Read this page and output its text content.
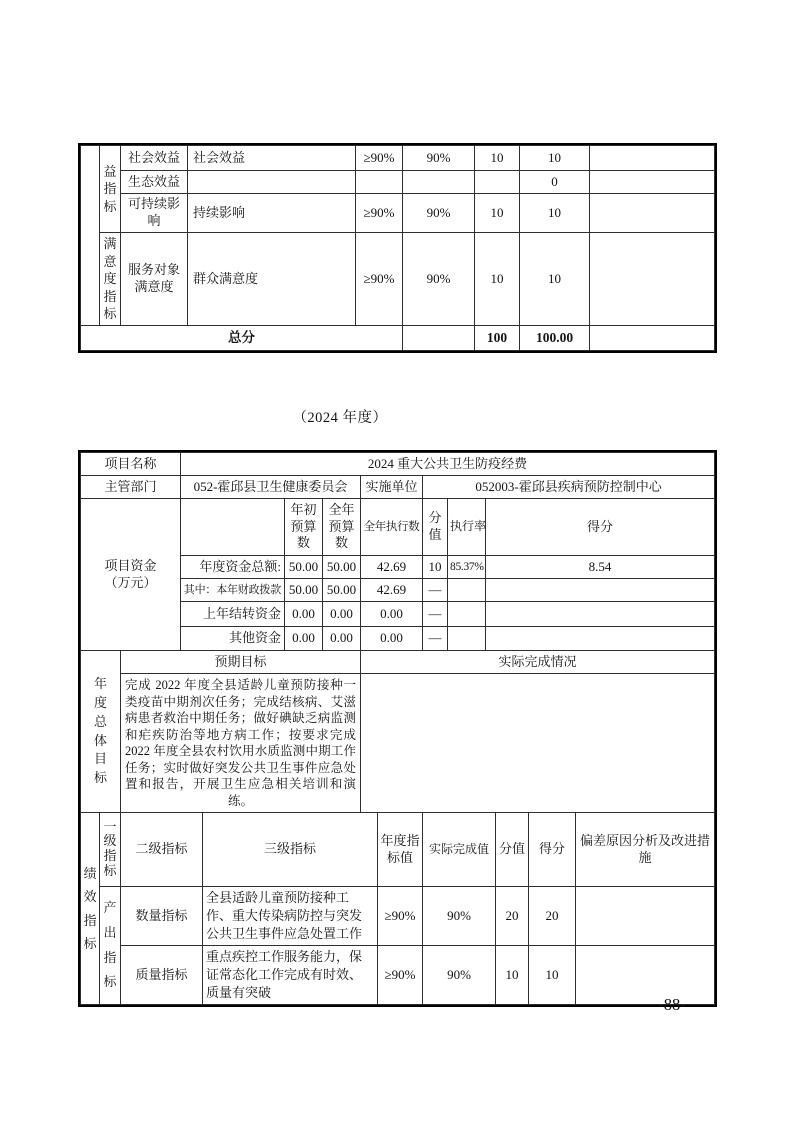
	益指标	社会效益	社会效益	≥90%	90%	10	10	
		生态效益					0	
		可持续影响	持续影响	≥90%	90%	10	10	
	满意度指标	服务对象满意度	群众满意度	≥90%	90%	10	10	
总分						100	100.00	
（2024 年度）
项目名称	2024 重大公共卫生防疫经费						
主管部门	052-霍邱县卫生健康委员会			实施单位	052003-霍邱县疾病预防控制中心		

项目资金
（万元）		年初预算数	全年预算数	全年执行数	分值	执行率	得分
	年度资金总额:	50.00	50.00	42.69	10	85.37%	8.54
	其中：本年财政拨款	50.00	50.00	42.69	—		
	上年结转资金	0.00	0.00	0.00	—		
	其他资金	0.00	0.00	0.00	—		
年度总体目标	预期目标	实际完成情况
	完成 2022 年度全县适龄儿童预防接种一类疫苗中期剂次任务；完成结核病、艾滋病患者救治中期任务；做好碘缺乏病监测和疟疾防治等地方病工作；按要求完成 2022 年度全县农村饮用水质监测中期工作任务；实时做好突发公共卫生事件应急处置和报告，开展卫生应急相关培训和演练。	
绩效指标	一级指标	二级指标	三级指标	年度指标值	实际完成值	分值	得分	偏差原因分析及改进措施
	产出指标	数量指标	全县适龄儿童预防接种工作、重大传染病防控与突发公共卫生事件应急处置工作	≥90%	90%	20	20	
		质量指标	重点疾控工作服务能力，保证常态化工作完成有时效、质量有突破	≥90%	90%	10	10	
-88-
